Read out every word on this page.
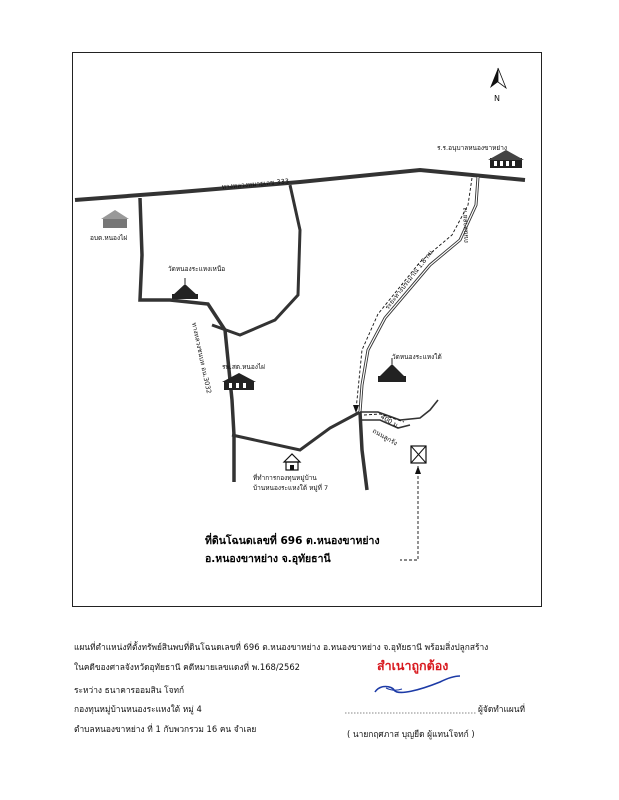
N
ทางหลวงหมายเลข 333
ทางหลวงชนบท อน.3032
ถนนลาดยาง
ระยะทางประมาณ 1.8 กม.
400 ม.
ถนนลูกรัง
ร.ร.อนุบาลหนองขาหย่าง
อบต.หนองไผ่
วัดหนองระแหงเหนือ
รพ.สต.หนองไผ่
วัดหนองระแหงใต้
ที่ทำการกองทุนหมู่บ้าน
บ้านหนองระแหงใต้ หมู่ที่ 7
ที่ดินโฉนดเลขที่ 696 ต.หนองขาหย่าง
อ.หนองขาหย่าง จ.อุทัยธานี
แผนที่ตำแหน่งที่ตั้งทรัพย์สินพบที่ดินโฉนดเลขที่ 696 ต.หนองขาหย่าง อ.หนองขาหย่าง จ.อุทัยธานี พร้อมสิ่งปลูกสร้าง
ในคดีของศาลจังหวัดอุทัยธานี คดีหมายเลขแดงที่ พ.168/2562
ระหว่าง ธนาคารออมสิน โจทก์
กองทุนหมู่บ้านหนองระแหงใต้ หมู่ 4
ตำบลหนองขาหย่าง ที่ 1 กับพวกรวม 16 คน จำเลย
สำเนาถูกต้อง
ผู้จัดทำแผนที่
( นายกฤศภาส บุญยืด ผู้แทนโจทก์ )
